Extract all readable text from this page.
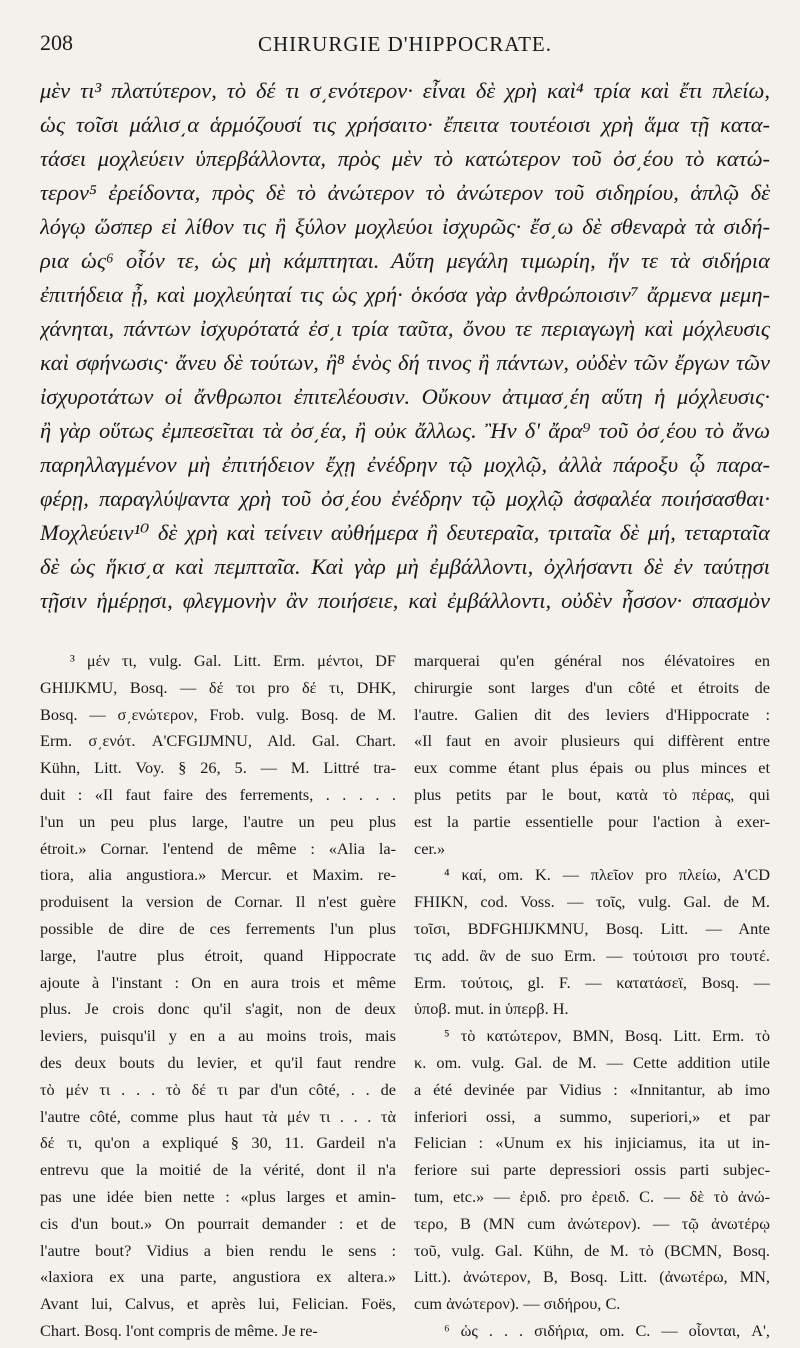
208	CHIRURGIE D'HIPPOCRATE.
μὲν τι³ πλατύτερον, τὸ δέ τι σ͵ενότερον· εἶναι δὲ χρὴ καὶ⁴ τρία καὶ ἔτι πλείω,
ὡς τοῖσι μάλισ͵α ἁρμόζουσί τις χρήσαιτο· ἔπειτα τουτέοισι χρὴ ἅμα τῇ κατα-
τάσει μοχλεύειν ὑπερβάλλοντα, πρὸς μὲν τὸ κατώτερον τοῦ ὀσ͵έου τὸ κατώ-
τερον⁵ ἐρείδοντα, πρὸς δὲ τὸ ἀνώτερον τὸ ἀνώτερον τοῦ σιδηρίου, ἁπλῷ δὲ
λόγῳ ὥσπερ εἰ λίθον τις ἢ ξύλον μοχλεύοι ἰσχυρῶς· ἔσ͵ω δὲ σθεναρὰ τὰ σιδή-
ρια ὡς⁶ οἷόν τε, ὡς μὴ κάμπτηται. Αὕτη μεγάλη τιμωρίη, ἥν τε τὰ σιδήρια
ἐπιτήδεια ᾖ, καὶ μοχλεύηταί τις ὡς χρή· ὁκόσα γὰρ ἀνθρώποισιν⁷ ἄρμενα μεμη-
χάνηται, πάντων ἰσχυρότατά ἐσ͵ι τρία ταῦτα, ὄνου τε περιαγωγὴ καὶ μόχλευσις
καὶ σφήνωσις· ἄνευ δὲ τούτων, ἢ⁸ ἑνὸς δή τινος ἢ πάντων, οὐδὲν τῶν ἔργων τῶν
ἰσχυροτάτων οἱ ἄνθρωποι ἐπιτελέουσιν. Οὔκουν ἀτιμασ͵έη αὕτη ἡ μόχλευσις·
ἢ γὰρ οὕτως ἐμπεσεῖται τὰ ὀσ͵έα, ἢ οὐκ ἄλλως. Ἢν δ' ἄρα⁹ τοῦ ὀσ͵έου τὸ ἄνω
παρηλλαγμένον μὴ ἐπιτήδειον ἔχῃ ἐνέδρην τῷ μοχλῷ, ἀλλὰ πάροξυ ᾧ παρα-
φέρῃ, παραγλύψαντα χρὴ τοῦ ὀσ͵έου ἐνέδρην τῷ μοχλῷ ἀσφαλέα ποιήσασθαι·
Μοχλεύειν¹⁰ δὲ χρὴ καὶ τείνειν αὐθήμερα ἢ δευτεραῖα, τριταῖα δὲ μή, τεταρταῖα
δὲ ὡς ἥκισ͵α καὶ πεμπταῖα. Καὶ γὰρ μὴ ἐμβάλλοντι, ὀχλήσαντι δὲ ἐν ταύτῃσι
τῇσιν ἡμέρῃσι, φλεγμονὴν ἂν ποιήσειε, καὶ ἐμβάλλοντι, οὐδὲν ἧσσον· σπασμὸν
³ μέν τι, vulg. Gal. Litt. Erm. μέντοι, DF
GHIJKMU, Bosq. — δέ τοι pro δέ τι, DHK,
Bosq. — σ͵ενώτερον, Frob. vulg. Bosq. de M.
Erm. σ͵ενότ. A'CFGIJMNU, Ald. Gal. Chart.
Kühn, Litt. Voy. § 26, 5. — M. Littré tra-
duit : «Il faut faire des ferrements, . . . . .
l'un un peu plus large, l'autre un peu plus
étroit.» Cornar. l'entend de même : «Alia la-
tiora, alia angustiora.» Mercur. et Maxim. re-
produisent la version de Cornar. Il n'est guère
possible de dire de ces ferrements l'un plus
large, l'autre plus étroit, quand Hippocrate
ajoute à l'instant : On en aura trois et même
plus. Je crois donc qu'il s'agit, non de deux
leviers, puisqu'il y en a au moins trois, mais
des deux bouts du levier, et qu'il faut rendre
τὸ μέν τι . . . τὸ δέ τι par d'un côté, . . de
l'autre côté, comme plus haut τὰ μέν τι . . . τὰ
δέ τι, qu'on a expliqué § 30, 11. Gardeil n'a
entrevu que la moitié de la vérité, dont il n'a
pas une idée bien nette : «plus larges et amin-
cis d'un bout.» On pourrait demander : et de
l'autre bout? Vidius a bien rendu le sens :
«laxiora ex una parte, angustiora ex altera.»
Avant lui, Calvus, et après lui, Felician. Foës,
Chart. Bosq. l'ont compris de même. Je re-
marquerai qu'en général nos élévatoires en
chirurgie sont larges d'un côté et étroits de
l'autre. Galien dit des leviers d'Hippocrate :
«Il faut en avoir plusieurs qui diffèrent entre
eux comme étant plus épais ou plus minces et
plus petits par le bout, κατὰ τὸ πέρας, qui
est la partie essentielle pour l'action à exer-
cer.»
⁴ καί, om. K. — πλεῖον pro πλείω, A'CD
FHIKN, cod. Voss. — τοῖς, vulg. Gal. de M.
τοῖσι, BDFGHIJKMNU, Bosq. Litt. — Ante
τις add. ἂν de suo Erm. — τούτοισι pro τουτέ.
Erm. τούτοις, gl. F. — κατατάσεϊ, Bosq. —
ὑποβ. mut. in ὑπερβ. H.
⁵ τὸ κατώτερον, BMN, Bosq. Litt. Erm. τὸ
κ. om. vulg. Gal. de M. — Cette addition utile
a été devinée par Vidius : «Innitantur, ab imo
inferiori ossi, a summo, superiori,» et par
Felician : «Unum ex his injiciamus, ita ut in-
feriore sui parte depressiori ossis parti subjec-
tum, etc.» — ἐριδ. pro ἐρειδ. C. — δὲ τὸ ἀνώ-
τερο, B (MN cum ἀνώτερον). — τῷ ἀνωτέρῳ
τοῦ, vulg. Gal. Kühn, de M. τὸ (BCMN, Bosq.
Litt.). ἀνώτερον, B, Bosq. Litt. (ἀνωτέρω, MN,
cum ἀνώτερον). — σιδήρου, C.
⁶ ὡς . . . σιδήρια, om. C. — οἷονται, A',
